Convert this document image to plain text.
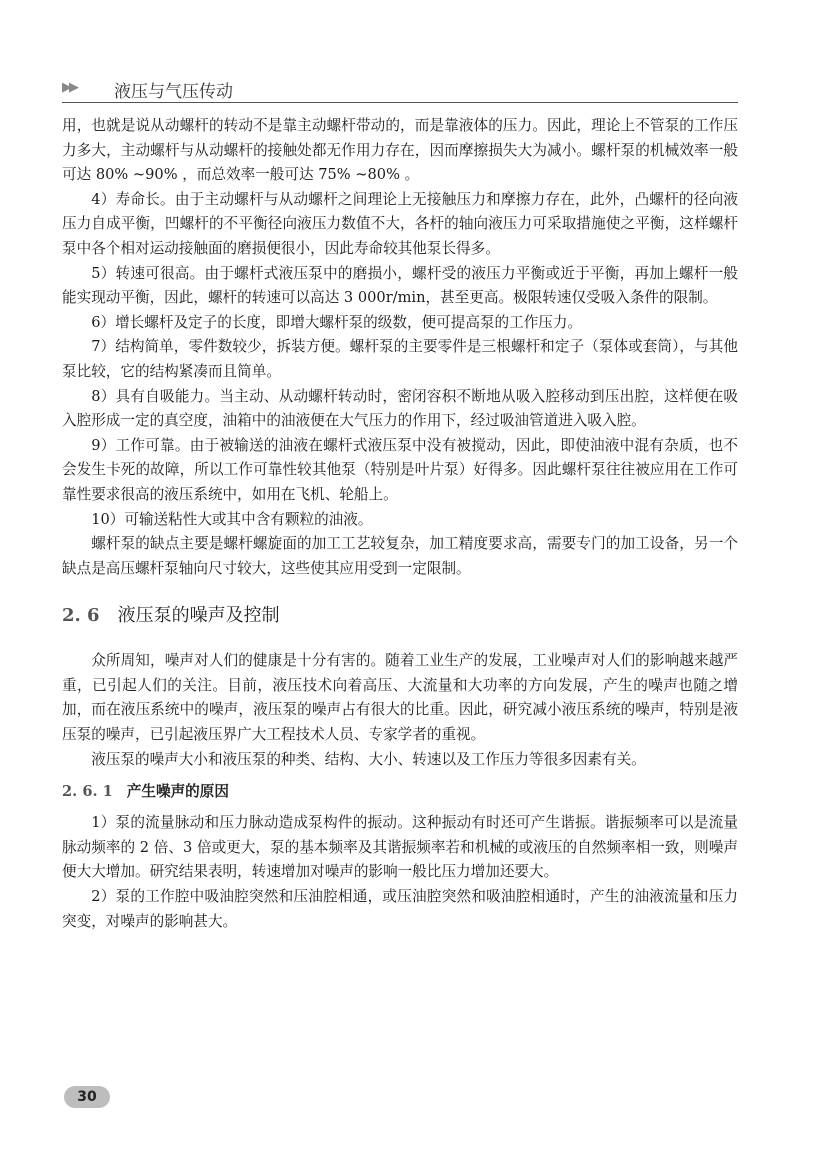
▶▶ 液压与气压传动

用，也就是说从动螺杆的转动不是靠主动螺杆带动的，而是靠液体的压力。因此，理论上不管泵的工作压力多大，主动螺杆与从动螺杆的接触处都无作用力存在，因而摩擦损失大为减小。螺杆泵的机械效率一般可达 80% ~90% ，而总效率一般可达 75% ~80% 。

4）寿命长。由于主动螺杆与从动螺杆之间理论上无接触压力和摩擦力存在，此外，凸螺杆的径向液压力自成平衡，凹螺杆的不平衡径向液压力数值不大，各杆的轴向液压力可采取措施使之平衡，这样螺杆泵中各个相对运动接触面的磨损便很小，因此寿命较其他泵长得多。

5）转速可很高。由于螺杆式液压泵中的磨损小，螺杆受的液压力平衡或近于平衡，再加上螺杆一般能实现动平衡，因此，螺杆的转速可以高达 3 000r/min，甚至更高。极限转速仅受吸入条件的限制。

6）增长螺杆及定子的长度，即增大螺杆泵的级数，便可提高泵的工作压力。

7）结构简单，零件数较少，拆装方便。螺杆泵的主要零件是三根螺杆和定子（泵体或套筒），与其他泵比较，它的结构紧凑而且简单。

8）具有自吸能力。当主动、从动螺杆转动时，密闭容积不断地从吸入腔移动到压出腔，这样便在吸入腔形成一定的真空度，油箱中的油液便在大气压力的作用下，经过吸油管道进入吸入腔。

9）工作可靠。由于被输送的油液在螺杆式液压泵中没有被搅动，因此，即使油液中混有杂质，也不会发生卡死的故障，所以工作可靠性较其他泵（特别是叶片泵）好得多。因此螺杆泵往往被应用在工作可靠性要求很高的液压系统中，如用在飞机、轮船上。

10）可输送粘性大或其中含有颗粒的油液。

螺杆泵的缺点主要是螺杆螺旋面的加工工艺较复杂，加工精度要求高，需要专门的加工设备，另一个缺点是高压螺杆泵轴向尺寸较大，这些使其应用受到一定限制。

2. 6 液压泵的噪声及控制

众所周知，噪声对人们的健康是十分有害的。随着工业生产的发展，工业噪声对人们的影响越来越严重，已引起人们的关注。目前，液压技术向着高压、大流量和大功率的方向发展，产生的噪声也随之增加，而在液压系统中的噪声，液压泵的噪声占有很大的比重。因此，研究减小液压系统的噪声，特别是液压泵的噪声，已引起液压界广大工程技术人员、专家学者的重视。

液压泵的噪声大小和液压泵的种类、结构、大小、转速以及工作压力等很多因素有关。

2. 6. 1 产生噪声的原因

1）泵的流量脉动和压力脉动造成泵构件的振动。这种振动有时还可产生谐振。谐振频率可以是流量脉动频率的 2 倍、3 倍或更大，泵的基本频率及其谐振频率若和机械的或液压的自然频率相一致，则噪声便大大增加。研究结果表明，转速增加对噪声的影响一般比压力增加还要大。

2）泵的工作腔中吸油腔突然和压油腔相通，或压油腔突然和吸油腔相通时，产生的油液流量和压力突变，对噪声的影响甚大。

30
